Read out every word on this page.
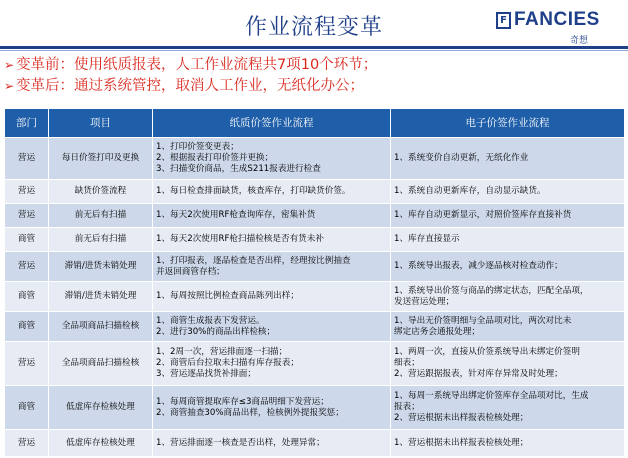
作业流程变革	F FANCIES
奇想
➢ 变革前：使用纸质报表，人工作业流程共7项10个环节；
➢ 变革后：通过系统管控，取消人工作业，无纸化办公；
部门	项目	纸质价签作业流程	电子价签作业流程
营运	每日价签打印及更换	1、打印价签变更表；
2、根据报表打印价签并更换；
3、扫描变价商品，生成S211报表进行检查	1、系统变价自动更新，无纸化作业

营运	缺货价签流程	1、每日检查排面缺货，核查库存，打印缺货价签。	1、系统自动更新库存，自动显示缺货。

营运	前无后有扫描	1、每天2次使用RF枪查询库存，密集补货	1、库存自动更新显示，对照价签库存直接补货

商管	前无后有扫描	1、每天2次使用RF枪扫描检核是否有货未补	1、库存直接显示

营运	滞销/进货未销处理	1、打印报表，逐品检查是否出样，经理按比例抽查
并返回商管存档；	1、系统导出报表，减少逐品核对检查动作；

商管	滞销/进货未销处理	1、每周按照比例检查商品陈列出样；	1、系统导出价签与商品的绑定状态，匹配全品项，
发送营运处理；

商管	全品项商品扫描检核	1、商管生成报表下发营运。
2、进行30%的商品出样检核；	1、导出无价签明细与全品项对比，两次对比未
绑定店务会通报处理；

营运	全品项商品扫描检核	1、2周一次，营运排面逐一扫描；
2、商管后台拉取未扫描有库存报表；
3、营运逐品找货补排面；	1、两周一次，直接从价签系统导出未绑定价签明
细表；
2、营运跟据报表，针对库存异常及时处理；

商管	低虚库存检核处理	1、每周商管提取库存≤3商品明细下发营运；
2、商管抽查30%商品出样，检核例外提报奖惩；	1、每周一系统导出绑定价签库存全品项对比，生成
报表；
2、营运根据未出样报表检核处理；

营运	低虚库存检核处理	1、营运排面逐一核查是否出样，处理异常；	1、营运根据未出样报表检核处理；
